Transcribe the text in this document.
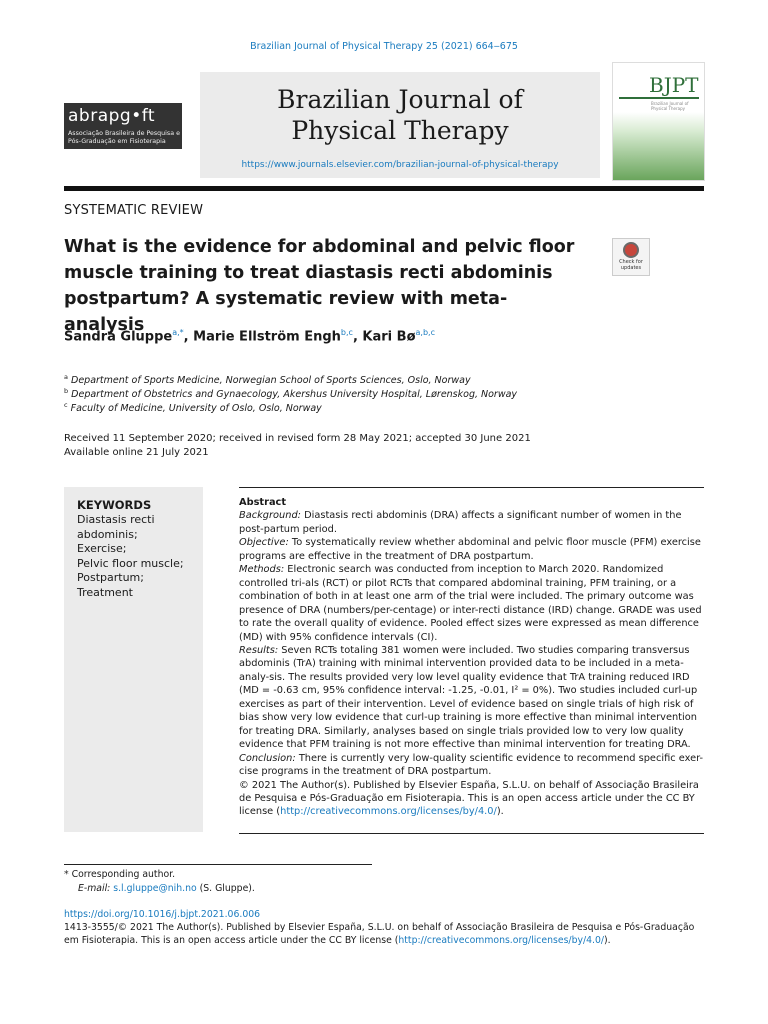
Brazilian Journal of Physical Therapy 25 (2021) 664‒675
abrapg•ft
Associação Brasileira de Pesquisa e
Pós-Graduação em Fisioterapia
Brazilian Journal of
Physical Therapy
https://www.journals.elsevier.com/brazilian-journal-of-physical-therapy
BJPT
Brazilian Journal of
Physical Therapy
SYSTEMATIC REVIEW
What is the evidence for abdominal and pelvic floor muscle training to treat diastasis recti abdominis postpartum? A systematic review with meta-analysis
Check for
updates
Sandra Gluppe$^{a,*}$, Marie Ellström Engh$^{b,c}$, Kari Bø$^{a,b,c}$
$^a$ Department of Sports Medicine, Norwegian School of Sports Sciences, Oslo, Norway
$^b$ Department of Obstetrics and Gynaecology, Akershus University Hospital, Lørenskog, Norway
$^c$ Faculty of Medicine, University of Oslo, Oslo, Norway
Received 11 September 2020; received in revised form 28 May 2021; accepted 30 June 2021
Available online 21 July 2021
KEYWORDS
Diastasis recti abdominis;
Exercise;
Pelvic floor muscle;
Postpartum;
Treatment

Abstract

Background: Diastasis recti abdominis (DRA) affects a significant number of women in the post-partum period.

Objective: To systematically review whether abdominal and pelvic floor muscle (PFM) exercise programs are effective in the treatment of DRA postpartum.

Methods: Electronic search was conducted from inception to March 2020. Randomized controlled tri-als (RCT) or pilot RCTs that compared abdominal training, PFM training, or a combination of both in at least one arm of the trial were included. The primary outcome was presence of DRA (numbers/per-centage) or inter-recti distance (IRD) change. GRADE was used to rate the overall quality of evidence. Pooled effect sizes were expressed as mean difference (MD) with 95% confidence intervals (CI).

Results: Seven RCTs totaling 381 women were included. Two studies comparing transversus abdominis (TrA) training with minimal intervention provided data to be included in a meta-analy-sis. The results provided very low level quality evidence that TrA training reduced IRD (MD = -0.63 cm, 95% confidence interval: -1.25, -0.01, I² = 0%). Two studies included curl-up exercises as part of their intervention. Level of evidence based on single trials of high risk of bias show very low evidence that curl-up training is more effective than minimal intervention for treating DRA. Similarly, analyses based on single trials provided low to very low quality evidence that PFM training is not more effective than minimal intervention for treating DRA.

Conclusion: There is currently very low-quality scientific evidence to recommend specific exer-cise programs in the treatment of DRA postpartum.

© 2021 The Author(s). Published by Elsevier España, S.L.U. on behalf of Associação Brasileira de Pesquisa e Pós-Graduação em Fisioterapia. This is an open access article under the CC BY license (http://creativecommons.org/licenses/by/4.0/).

* Corresponding author.
E-mail: s.l.gluppe@nih.no (S. Gluppe).
https://doi.org/10.1016/j.bjpt.2021.06.006
1413-3555/© 2021 The Author(s). Published by Elsevier España, S.L.U. on behalf of Associação Brasileira de Pesquisa e Pós-Graduação em Fisioterapia. This is an open access article under the CC BY license (http://creativecommons.org/licenses/by/4.0/).
